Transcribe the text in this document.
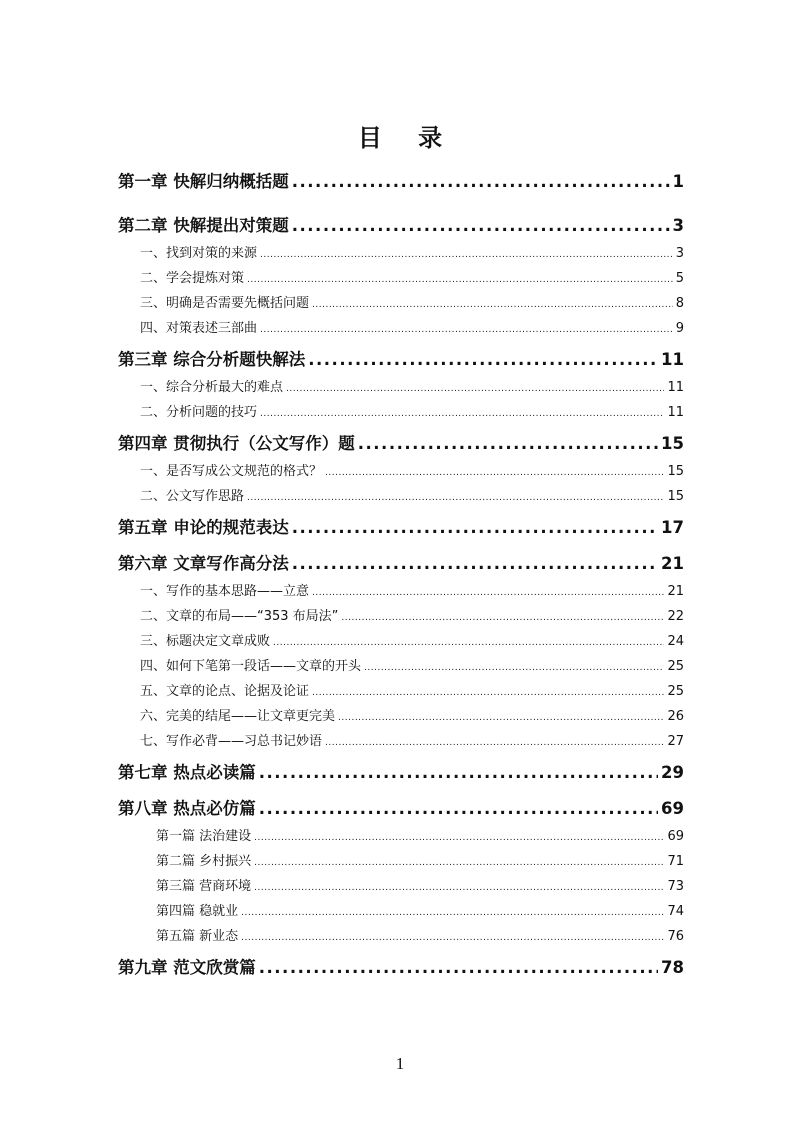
目 录
第一章 快解归纳概括题 .....	1
第二章 快解提出对策题 .....	3
一、找到对策的来源 .....	3
二、学会提炼对策 .....	5
三、明确是否需要先概括问题 .....	8
四、对策表述三部曲 .....	9
第三章 综合分析题快解法 .....	11
一、综合分析最大的难点 .....	11
二、分析问题的技巧 .....	11
第四章 贯彻执行（公文写作）题 .....	15
一、是否写成公文规范的格式？ .....	15
二、公文写作思路 .....	15
第五章 申论的规范表达 .....	17
第六章 文章写作高分法 .....	21
一、写作的基本思路——立意 .....	21
二、文章的布局——“353 布局法” .....	22
三、标题决定文章成败 .....	24
四、如何下笔第一段话——文章的开头 .....	25
五、文章的论点、论据及论证 .....	25
六、完美的结尾——让文章更完美 .....	26
七、写作必背——习总书记妙语 .....	27
第七章 热点必读篇 .....	29
第八章 热点必仿篇 .....	69
第一篇 法治建设 .....	69
第二篇 乡村振兴 .....	71
第三篇 营商环境 .....	73
第四篇 稳就业 .....	74
第五篇 新业态 .....	76
第九章 范文欣赏篇 .....	78
1
